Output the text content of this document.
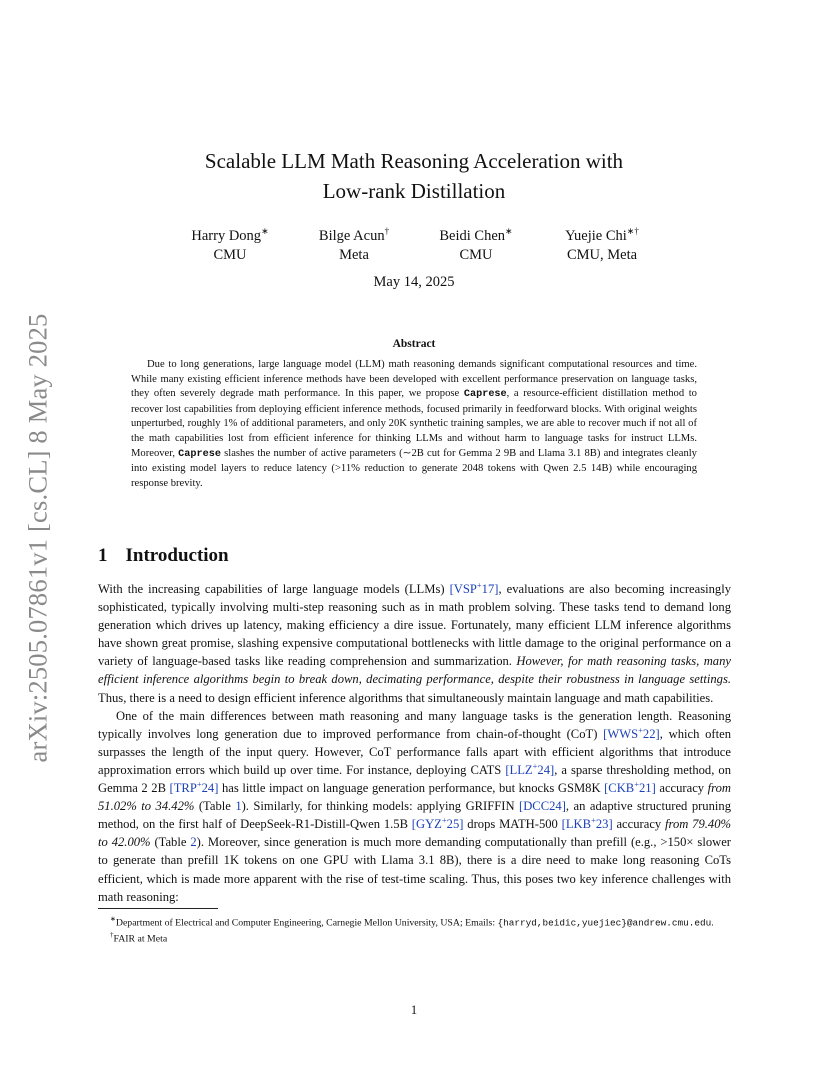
arXiv:2505.07861v1 [cs.CL] 8 May 2025
Scalable LLM Math Reasoning Acceleration with
Low-rank Distillation
Harry Dong∗
CMU
Bilge Acun†
Meta
Beidi Chen∗
CMU
Yuejie Chi∗†
CMU, Meta
May 14, 2025
Abstract
Due to long generations, large language model (LLM) math reasoning demands significant computational resources and time. While many existing efficient inference methods have been developed with excellent performance preservation on language tasks, they often severely degrade math performance. In this paper, we propose Caprese, a resource-efficient distillation method to recover lost capabilities from deploying efficient inference methods, focused primarily in feedforward blocks. With original weights unperturbed, roughly 1% of additional parameters, and only 20K synthetic training samples, we are able to recover much if not all of the math capabilities lost from efficient inference for thinking LLMs and without harm to language tasks for instruct LLMs. Moreover, Caprese slashes the number of active parameters (∼2B cut for Gemma 2 9B and Llama 3.1 8B) and integrates cleanly into existing model layers to reduce latency (>11% reduction to generate 2048 tokens with Qwen 2.5 14B) while encouraging response brevity.
1 Introduction

With the increasing capabilities of large language models (LLMs) [VSP+17], evaluations are also becoming increasingly sophisticated, typically involving multi-step reasoning such as in math problem solving. These tasks tend to demand long generation which drives up latency, making efficiency a dire issue. Fortunately, many efficient LLM inference algorithms have shown great promise, slashing expensive computational bottlenecks with little damage to the original performance on a variety of language-based tasks like reading comprehension and summarization. However, for math reasoning tasks, many efficient inference algorithms begin to break down, decimating performance, despite their robustness in language settings. Thus, there is a need to design efficient inference algorithms that simultaneously maintain language and math capabilities.

One of the main differences between math reasoning and many language tasks is the generation length. Reasoning typically involves long generation due to improved performance from chain-of-thought (CoT) [WWS+22], which often surpasses the length of the input query. However, CoT performance falls apart with efficient algorithms that introduce approximation errors which build up over time. For instance, deploying CATS [LLZ+24], a sparse thresholding method, on Gemma 2 2B [TRP+24] has little impact on language generation performance, but knocks GSM8K [CKB+21] accuracy from 51.02% to 34.42% (Table 1). Similarly, for thinking models: applying GRIFFIN [DCC24], an adaptive structured pruning method, on the first half of DeepSeek-R1-Distill-Qwen 1.5B [GYZ+25] drops MATH-500 [LKB+23] accuracy from 79.40% to 42.00% (Table 2). Moreover, since generation is much more demanding computationally than prefill (e.g., >150× slower to generate than prefill 1K tokens on one GPU with Llama 3.1 8B), there is a dire need to make long reasoning CoTs efficient, which is made more apparent with the rise of test-time scaling. Thus, this poses two key inference challenges with math reasoning:

∗Department of Electrical and Computer Engineering, Carnegie Mellon University, USA; Emails: {harryd,beidic,yuejiec}@andrew.cmu.edu.

†FAIR at Meta

1
